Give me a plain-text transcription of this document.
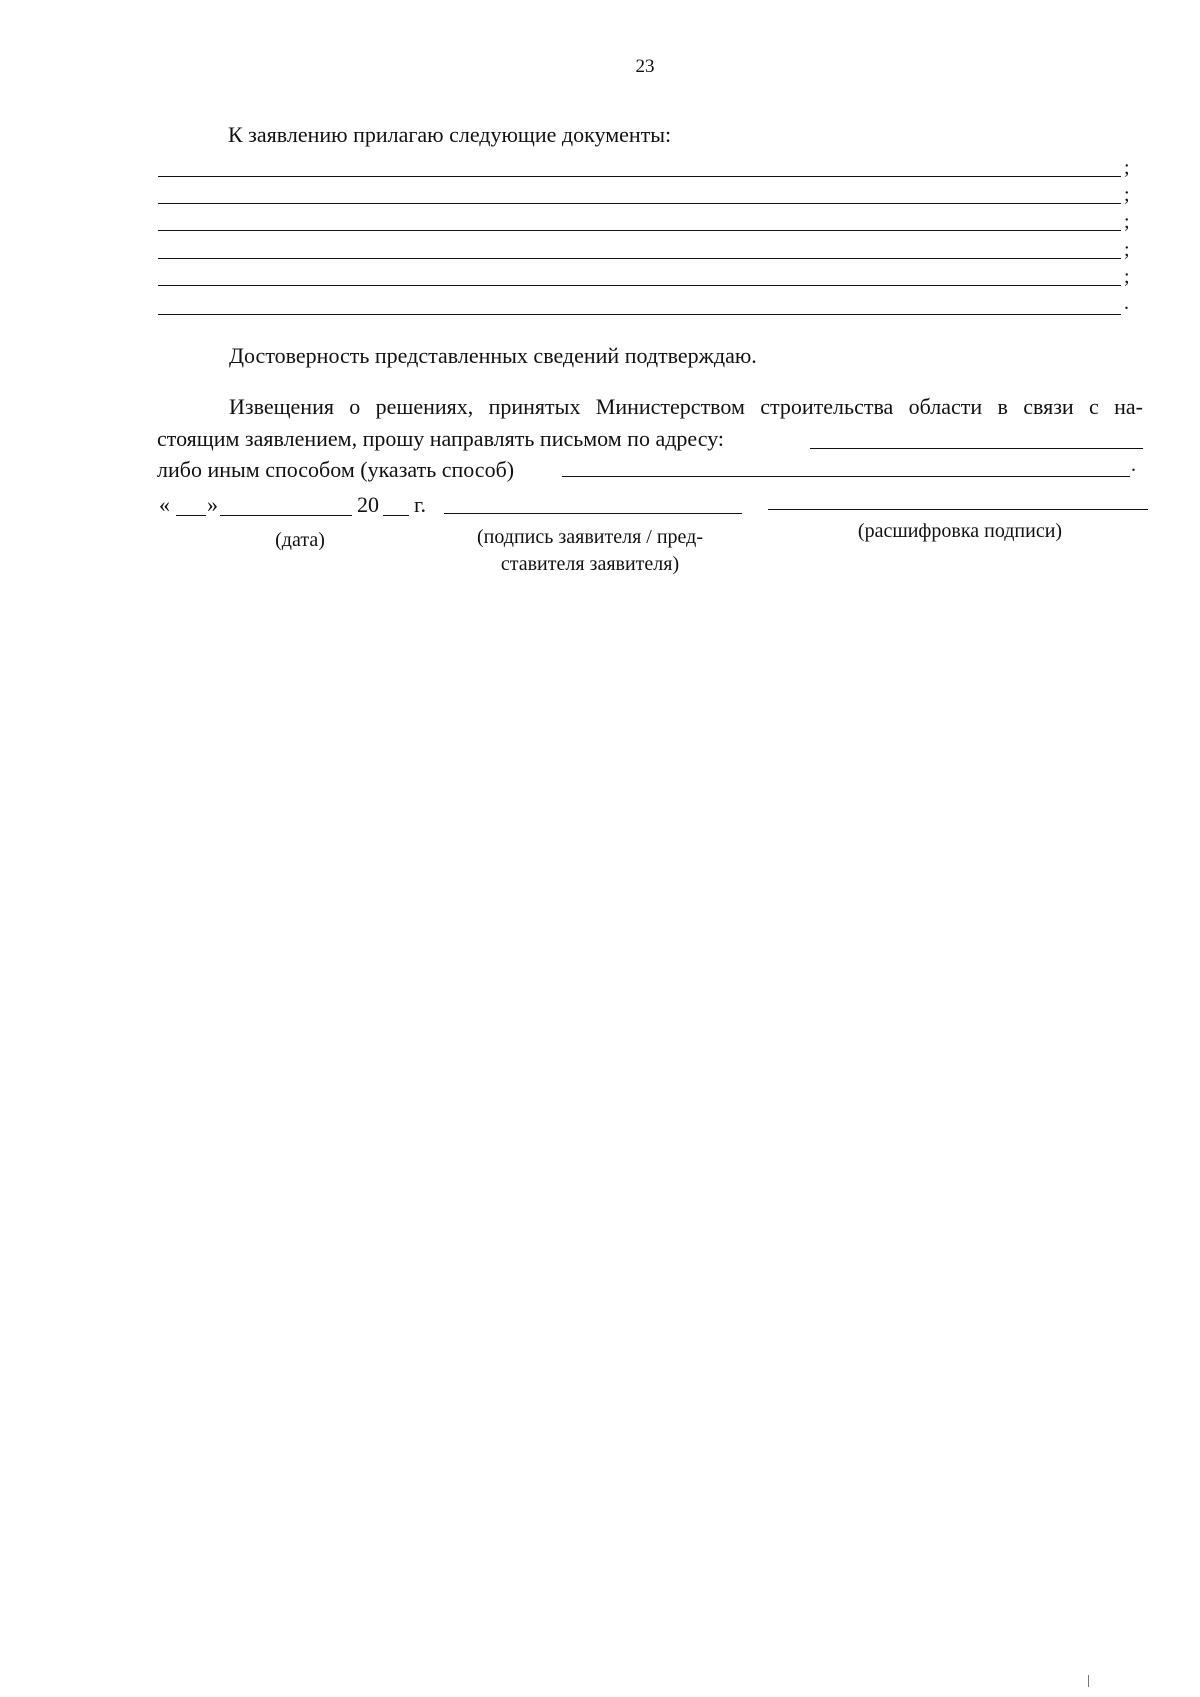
23
К заявлению прилагаю следующие документы:
;
;
;
;
;
.
Достоверность представленных сведений подтверждаю.
Извещения о решениях, принятых Министерством строительства области в связи с на-
стоящим заявлением, прошу направлять письмом по адресу:
либо иным способом (указать способ)	.
« »	20 г.
(дата)	(подпись заявителя / пред-
ставителя заявителя)
(расшифровка подписи)
